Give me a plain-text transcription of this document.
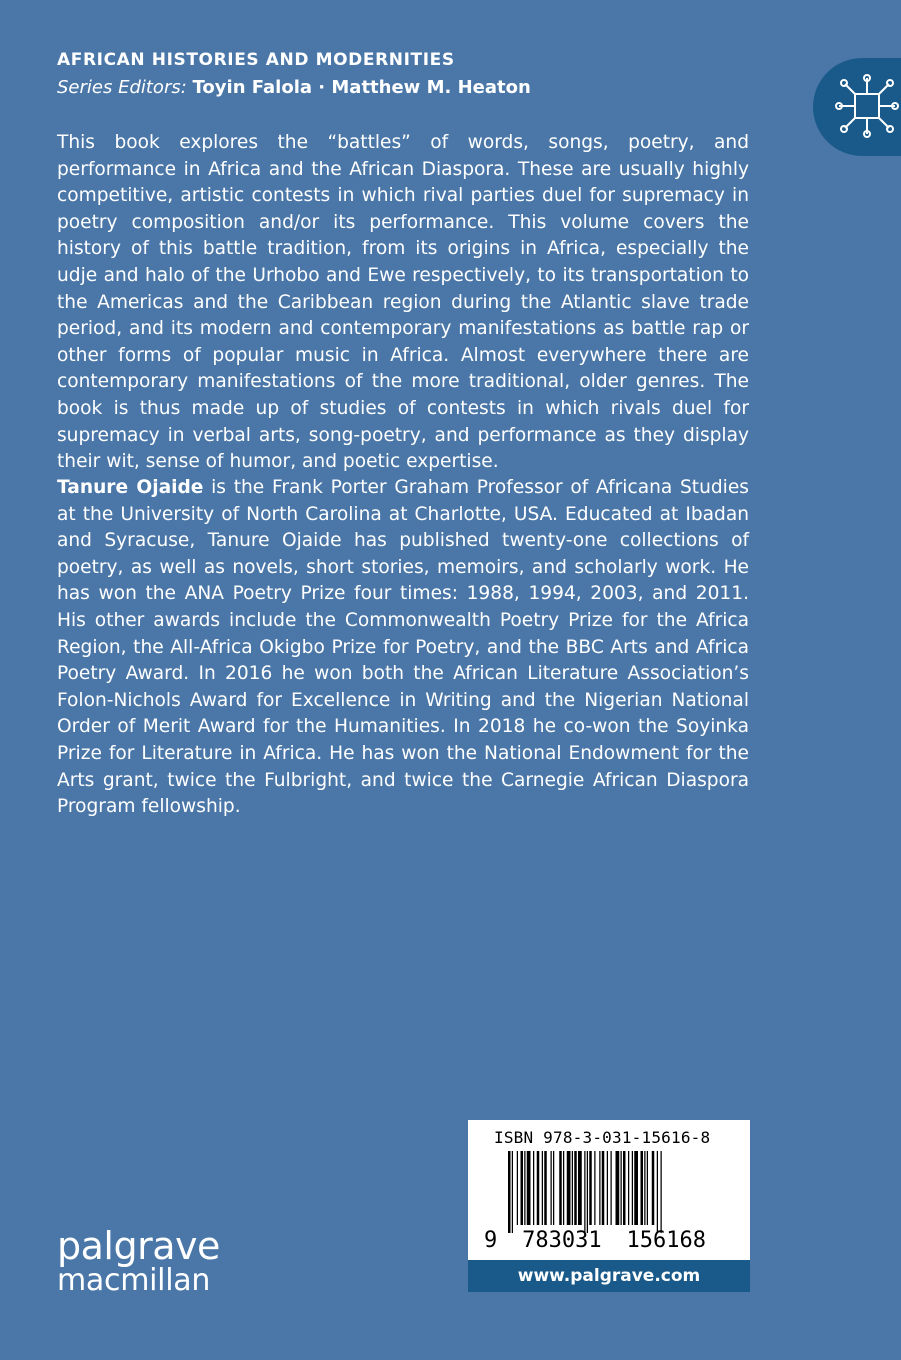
AFRICAN HISTORIES AND MODERNITIES
Series Editors: Toyin Falola · Matthew M. Heaton

This book explores the “battles” of words, songs, poetry, and performance in Africa and the African Diaspora. These are usually highly competitive, artistic contests in which rival parties duel for supremacy in poetry composition and/or its performance. This volume covers the history of this battle tradition, from its origins in Africa, especially the udje and halo of the Urhobo and Ewe respectively, to its transportation to the Americas and the Caribbean region during the Atlantic slave trade period, and its modern and contemporary manifestations as battle rap or other forms of popular music in Africa. Almost everywhere there are contemporary manifestations of the more traditional, older genres. The book is thus made up of studies of contests in which rivals duel for supremacy in verbal arts, song-poetry, and performance as they display their wit, sense of humor, and poetic expertise.

Tanure Ojaide is the Frank Porter Graham Professor of Africana Studies at the University of North Carolina at Charlotte, USA. Educated at Ibadan and Syracuse, Tanure Ojaide has published twenty-one collections of poetry, as well as novels, short stories, memoirs, and scholarly work. He has won the ANA Poetry Prize four times: 1988, 1994, 2003, and 2011. His other awards include the Commonwealth Poetry Prize for the Africa Region, the All-Africa Okigbo Prize for Poetry, and the BBC Arts and Africa Poetry Award. In 2016 he won both the African Literature Association’s Folon-Nichols Award for Excellence in Writing and the Nigerian National Order of Merit Award for the Humanities. In 2018 he co-won the Soyinka Prize for Literature in Africa. He has won the National Endowment for the Arts grant, twice the Fulbright, and twice the Carnegie African Diaspora Program fellowship.

palgrave
macmillan
ISBN 978-3-031-15616-8
9 783031 156168
www.palgrave.com
